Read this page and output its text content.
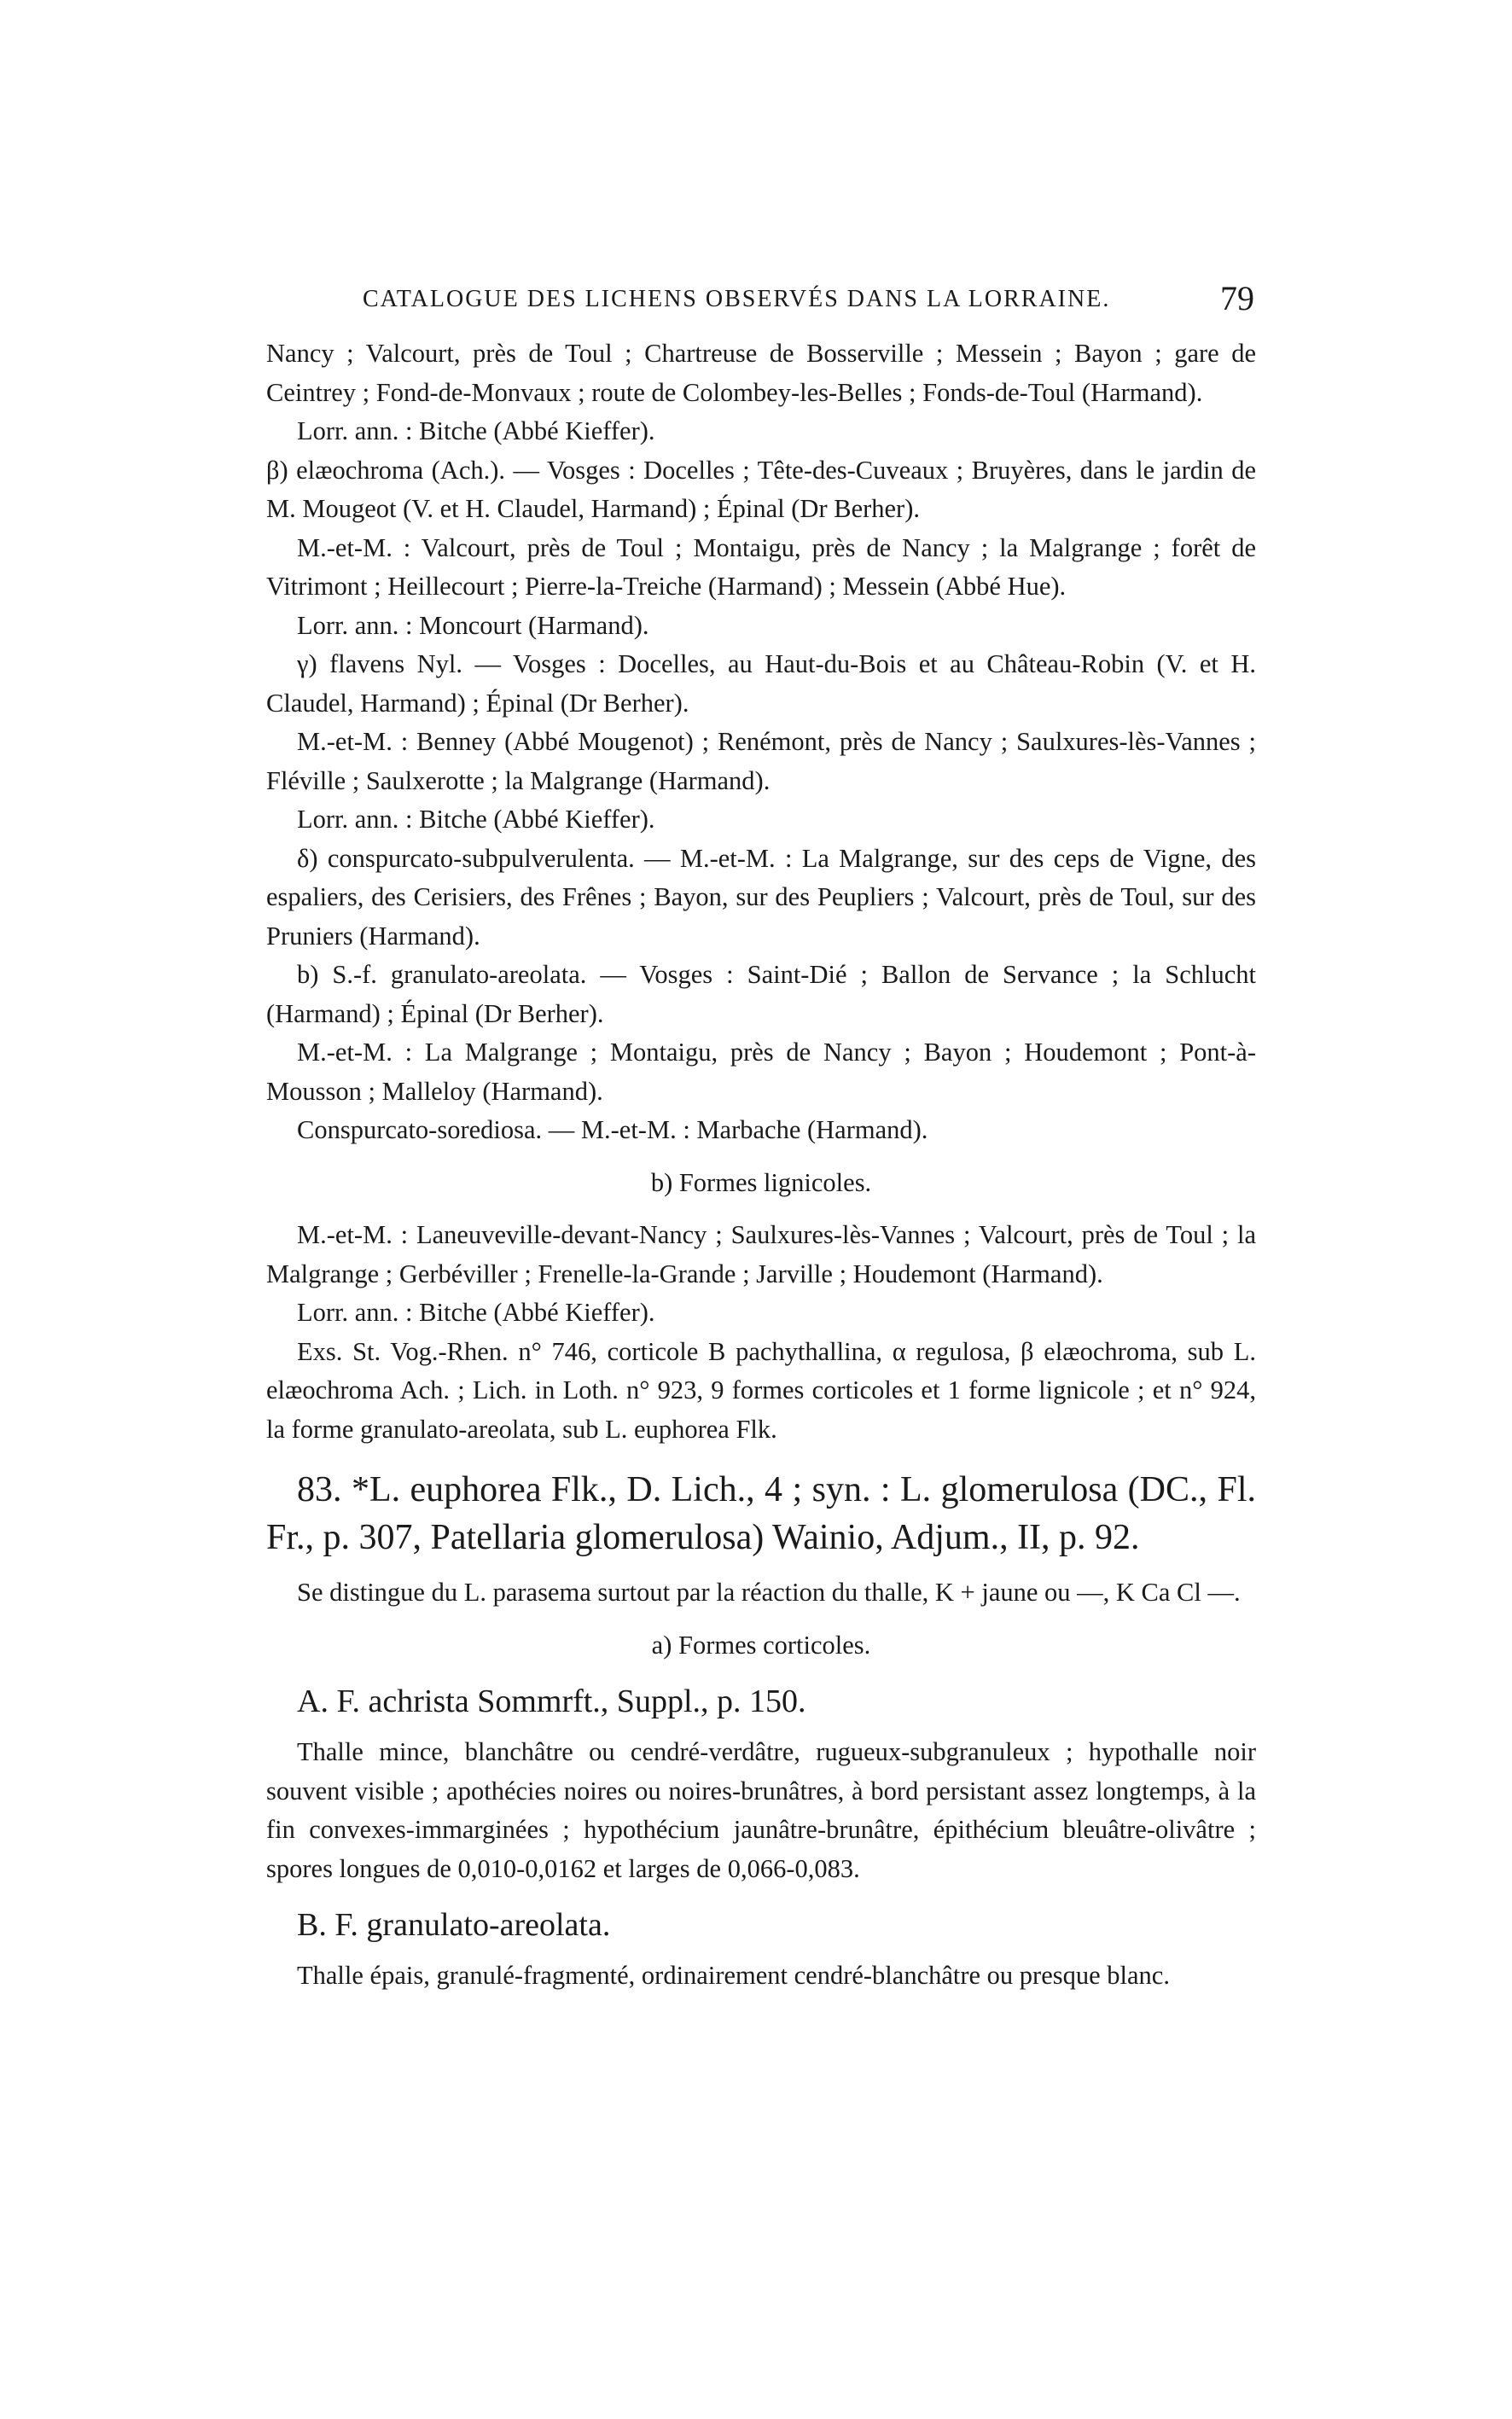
CATALOGUE DES LICHENS OBSERVÉS DANS LA LORRAINE.	79

Nancy ; Valcourt, près de Toul ; Chartreuse de Bosserville ; Messein ; Bayon ; gare de Ceintrey ; Fond-de-Monvaux ; route de Colombey-les-Belles ; Fonds-de-Toul (Harmand).

Lorr. ann. : Bitche (Abbé Kieffer).

β) elæochroma (Ach.). — Vosges : Docelles ; Tête-des-Cuveaux ; Bruyères, dans le jardin de M. Mougeot (V. et H. Claudel, Harmand) ; Épinal (Dr Berher).

M.-et-M. : Valcourt, près de Toul ; Montaigu, près de Nancy ; la Malgrange ; forêt de Vitrimont ; Heillecourt ; Pierre-la-Treiche (Harmand) ; Messein (Abbé Hue).

Lorr. ann. : Moncourt (Harmand).

γ) flavens Nyl. — Vosges : Docelles, au Haut-du-Bois et au Château-Robin (V. et H. Claudel, Harmand) ; Épinal (Dr Berher).

M.-et-M. : Benney (Abbé Mougenot) ; Renémont, près de Nancy ; Saulxures-lès-Vannes ; Fléville ; Saulxerotte ; la Malgrange (Harmand).

Lorr. ann. : Bitche (Abbé Kieffer).

δ) conspurcato-subpulverulenta. — M.-et-M. : La Malgrange, sur des ceps de Vigne, des espaliers, des Cerisiers, des Frênes ; Bayon, sur des Peupliers ; Valcourt, près de Toul, sur des Pruniers (Harmand).

b) S.-f. granulato-areolata. — Vosges : Saint-Dié ; Ballon de Servance ; la Schlucht (Harmand) ; Épinal (Dr Berher).

M.-et-M. : La Malgrange ; Montaigu, près de Nancy ; Bayon ; Houdemont ; Pont-à-Mousson ; Malleloy (Harmand).

Conspurcato-sorediosa. — M.-et-M. : Marbache (Harmand).

b) Formes lignicoles.

M.-et-M. : Laneuveville-devant-Nancy ; Saulxures-lès-Vannes ; Valcourt, près de Toul ; la Malgrange ; Gerbéviller ; Frenelle-la-Grande ; Jarville ; Houdemont (Harmand).

Lorr. ann. : Bitche (Abbé Kieffer).

Exs. St. Vog.-Rhen. n° 746, corticole B pachythallina, α regulosa, β elæochroma, sub L. elæochroma Ach. ; Lich. in Loth. n° 923, 9 formes corticoles et 1 forme lignicole ; et n° 924, la forme granulato-areolata, sub L. euphorea Flk.

83. *L. euphorea Flk., D. Lich., 4 ; syn. : L. glomerulosa (DC., Fl. Fr., p. 307, Patellaria glomerulosa) Wainio, Adjum., II, p. 92.

Se distingue du L. parasema surtout par la réaction du thalle, K + jaune ou —, K Ca Cl —.

a) Formes corticoles.

A. F. achrista Sommrft., Suppl., p. 150.

Thalle mince, blanchâtre ou cendré-verdâtre, rugueux-subgranuleux ; hypothalle noir souvent visible ; apothécies noires ou noires-brunâtres, à bord persistant assez longtemps, à la fin convexes-immarginées ; hypothécium jaunâtre-brunâtre, épithécium bleuâtre-olivâtre ; spores longues de 0,010-0,0162 et larges de 0,066-0,083.

B. F. granulato-areolata.

Thalle épais, granulé-fragmenté, ordinairement cendré-blanchâtre ou presque blanc.
